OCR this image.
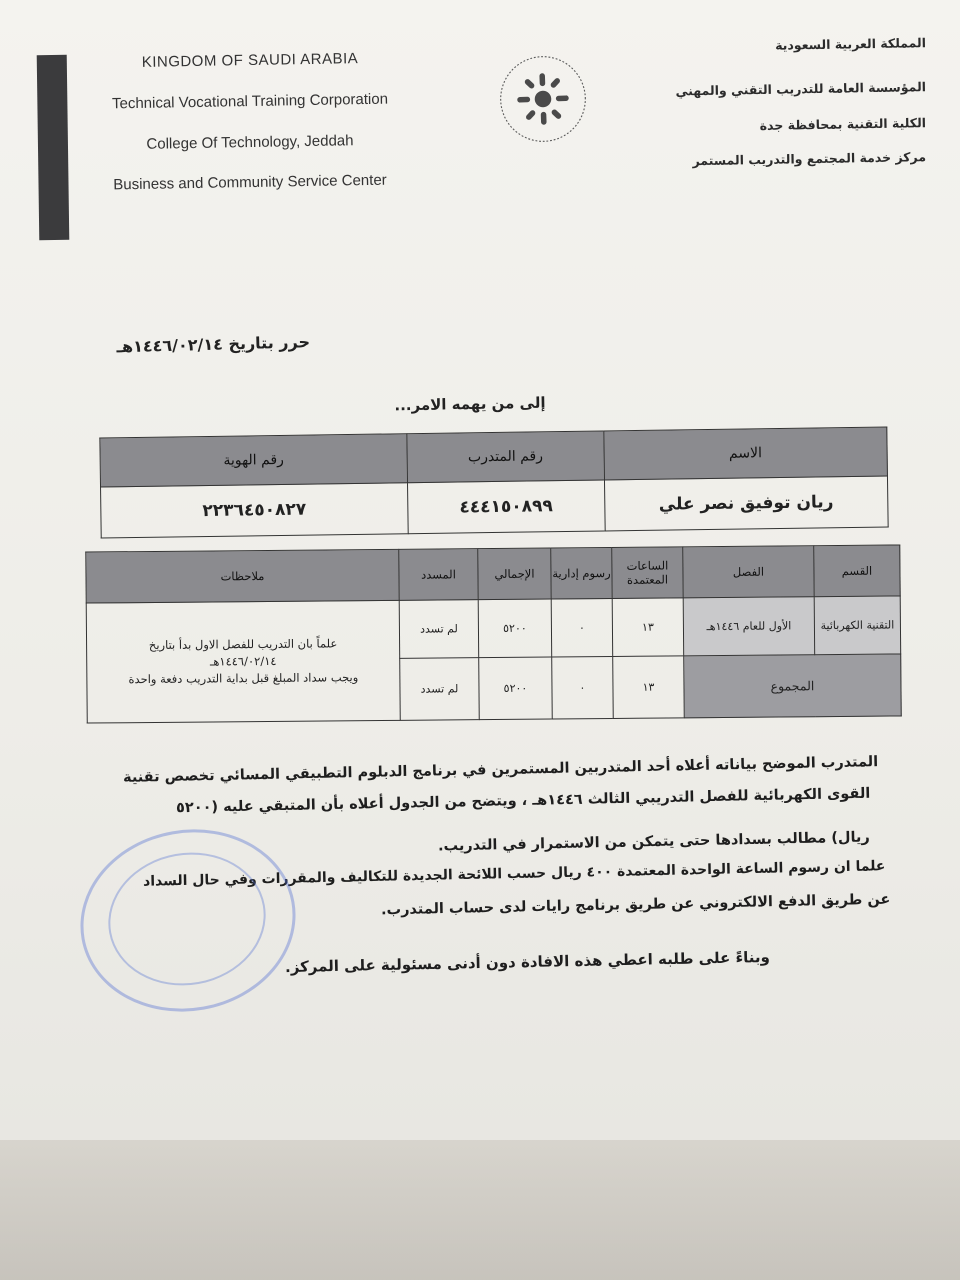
KINGDOM OF SAUDI ARABIA
Technical Vocational Training Corporation
College Of Technology, Jeddah
Business and Community Service Center
المملكة العربية السعودية
المؤسسة العامة للتدريب التقني والمهني
الكلية التقنية بمحافظة جدة
مركز خدمة المجتمع والتدريب المستمر
حرر بتاريخ ١٤٤٦/٠٢/١٤هـ
إلى من يهمه الامر...
الاسم	رقم المتدرب	رقم الهوية
ريان توفيق نصر علي	٤٤٤١٥٠٨٩٩	٢٢٣٦٤٥٠٨٢٧
القسم	الفصل	الساعات المعتمدة	رسوم إدارية	الإجمالي	المسدد	ملاحظات
التقنية الكهربائية	الأول للعام ١٤٤٦هـ	١٣	٠	٥٢٠٠	لم تسدد	علماً بان التدريب للفصل الاول بدأ بتاريخ
١٤٤٦/٠٢/١٤هـ
ويجب سداد المبلغ قبل بداية التدريب دفعة واحدة

المجموع		١٣	٠	٥٢٠٠	لم تسدد	
المتدرب الموضح بياناته أعلاه أحد المتدربين المستمرين في برنامج الدبلوم التطبيقي المسائي تخصص تقنية
القوى الكهربائية للفصل التدريبي الثالث ١٤٤٦هـ ، ويتضح من الجدول أعلاه بأن المتبقي عليه (٥٢٠٠
ريال) مطالب بسدادها حتى يتمكن من الاستمرار في التدريب.
علما ان رسوم الساعة الواحدة المعتمدة ٤٠٠ ريال حسب اللائحة الجديدة للتكاليف والمقررات وفي حال السداد
عن طريق الدفع الالكتروني عن طريق برنامج رايات لدى حساب المتدرب.
وبناءً على طلبه اعطي هذه الافادة دون أدنى مسئولية على المركز.
